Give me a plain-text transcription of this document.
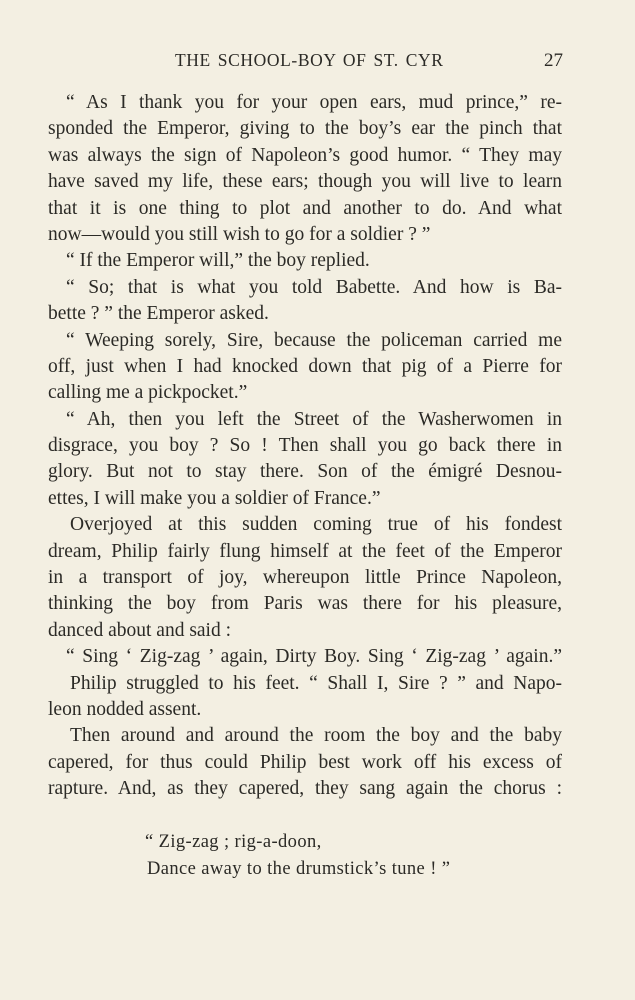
THE SCHOOL-BOY OF ST. CYR	27
“ As I thank you for your open ears, mud prince,” re-
sponded the Emperor, giving to the boy’s ear the pinch that
was always the sign of Napoleon’s good humor. “ They may
have saved my life, these ears; though you will live to learn
that it is one thing to plot and another to do. And what
now—would you still wish to go for a soldier ? ”
“ If the Emperor will,” the boy replied.
“ So; that is what you told Babette. And how is Ba-
bette ? ” the Emperor asked.
“ Weeping sorely, Sire, because the policeman carried me
off, just when I had knocked down that pig of a Pierre for
calling me a pickpocket.”
“ Ah, then you left the Street of the Washerwomen in
disgrace, you boy ? So ! Then shall you go back there in
glory. But not to stay there. Son of the émigré Desnou-
ettes, I will make you a soldier of France.”
Overjoyed at this sudden coming true of his fondest
dream, Philip fairly flung himself at the feet of the Emperor
in a transport of joy, whereupon little Prince Napoleon,
thinking the boy from Paris was there for his pleasure,
danced about and said :
“ Sing ‘ Zig-zag ’ again, Dirty Boy. Sing ‘ Zig-zag ’ again.”
Philip struggled to his feet. “ Shall I, Sire ? ” and Napo-
leon nodded assent.
Then around and around the room the boy and the baby
capered, for thus could Philip best work off his excess of
rapture. And, as they capered, they sang again the chorus :
“ Zig-zag ; rig-a-doon,
Dance away to the drumstick’s tune ! ”
